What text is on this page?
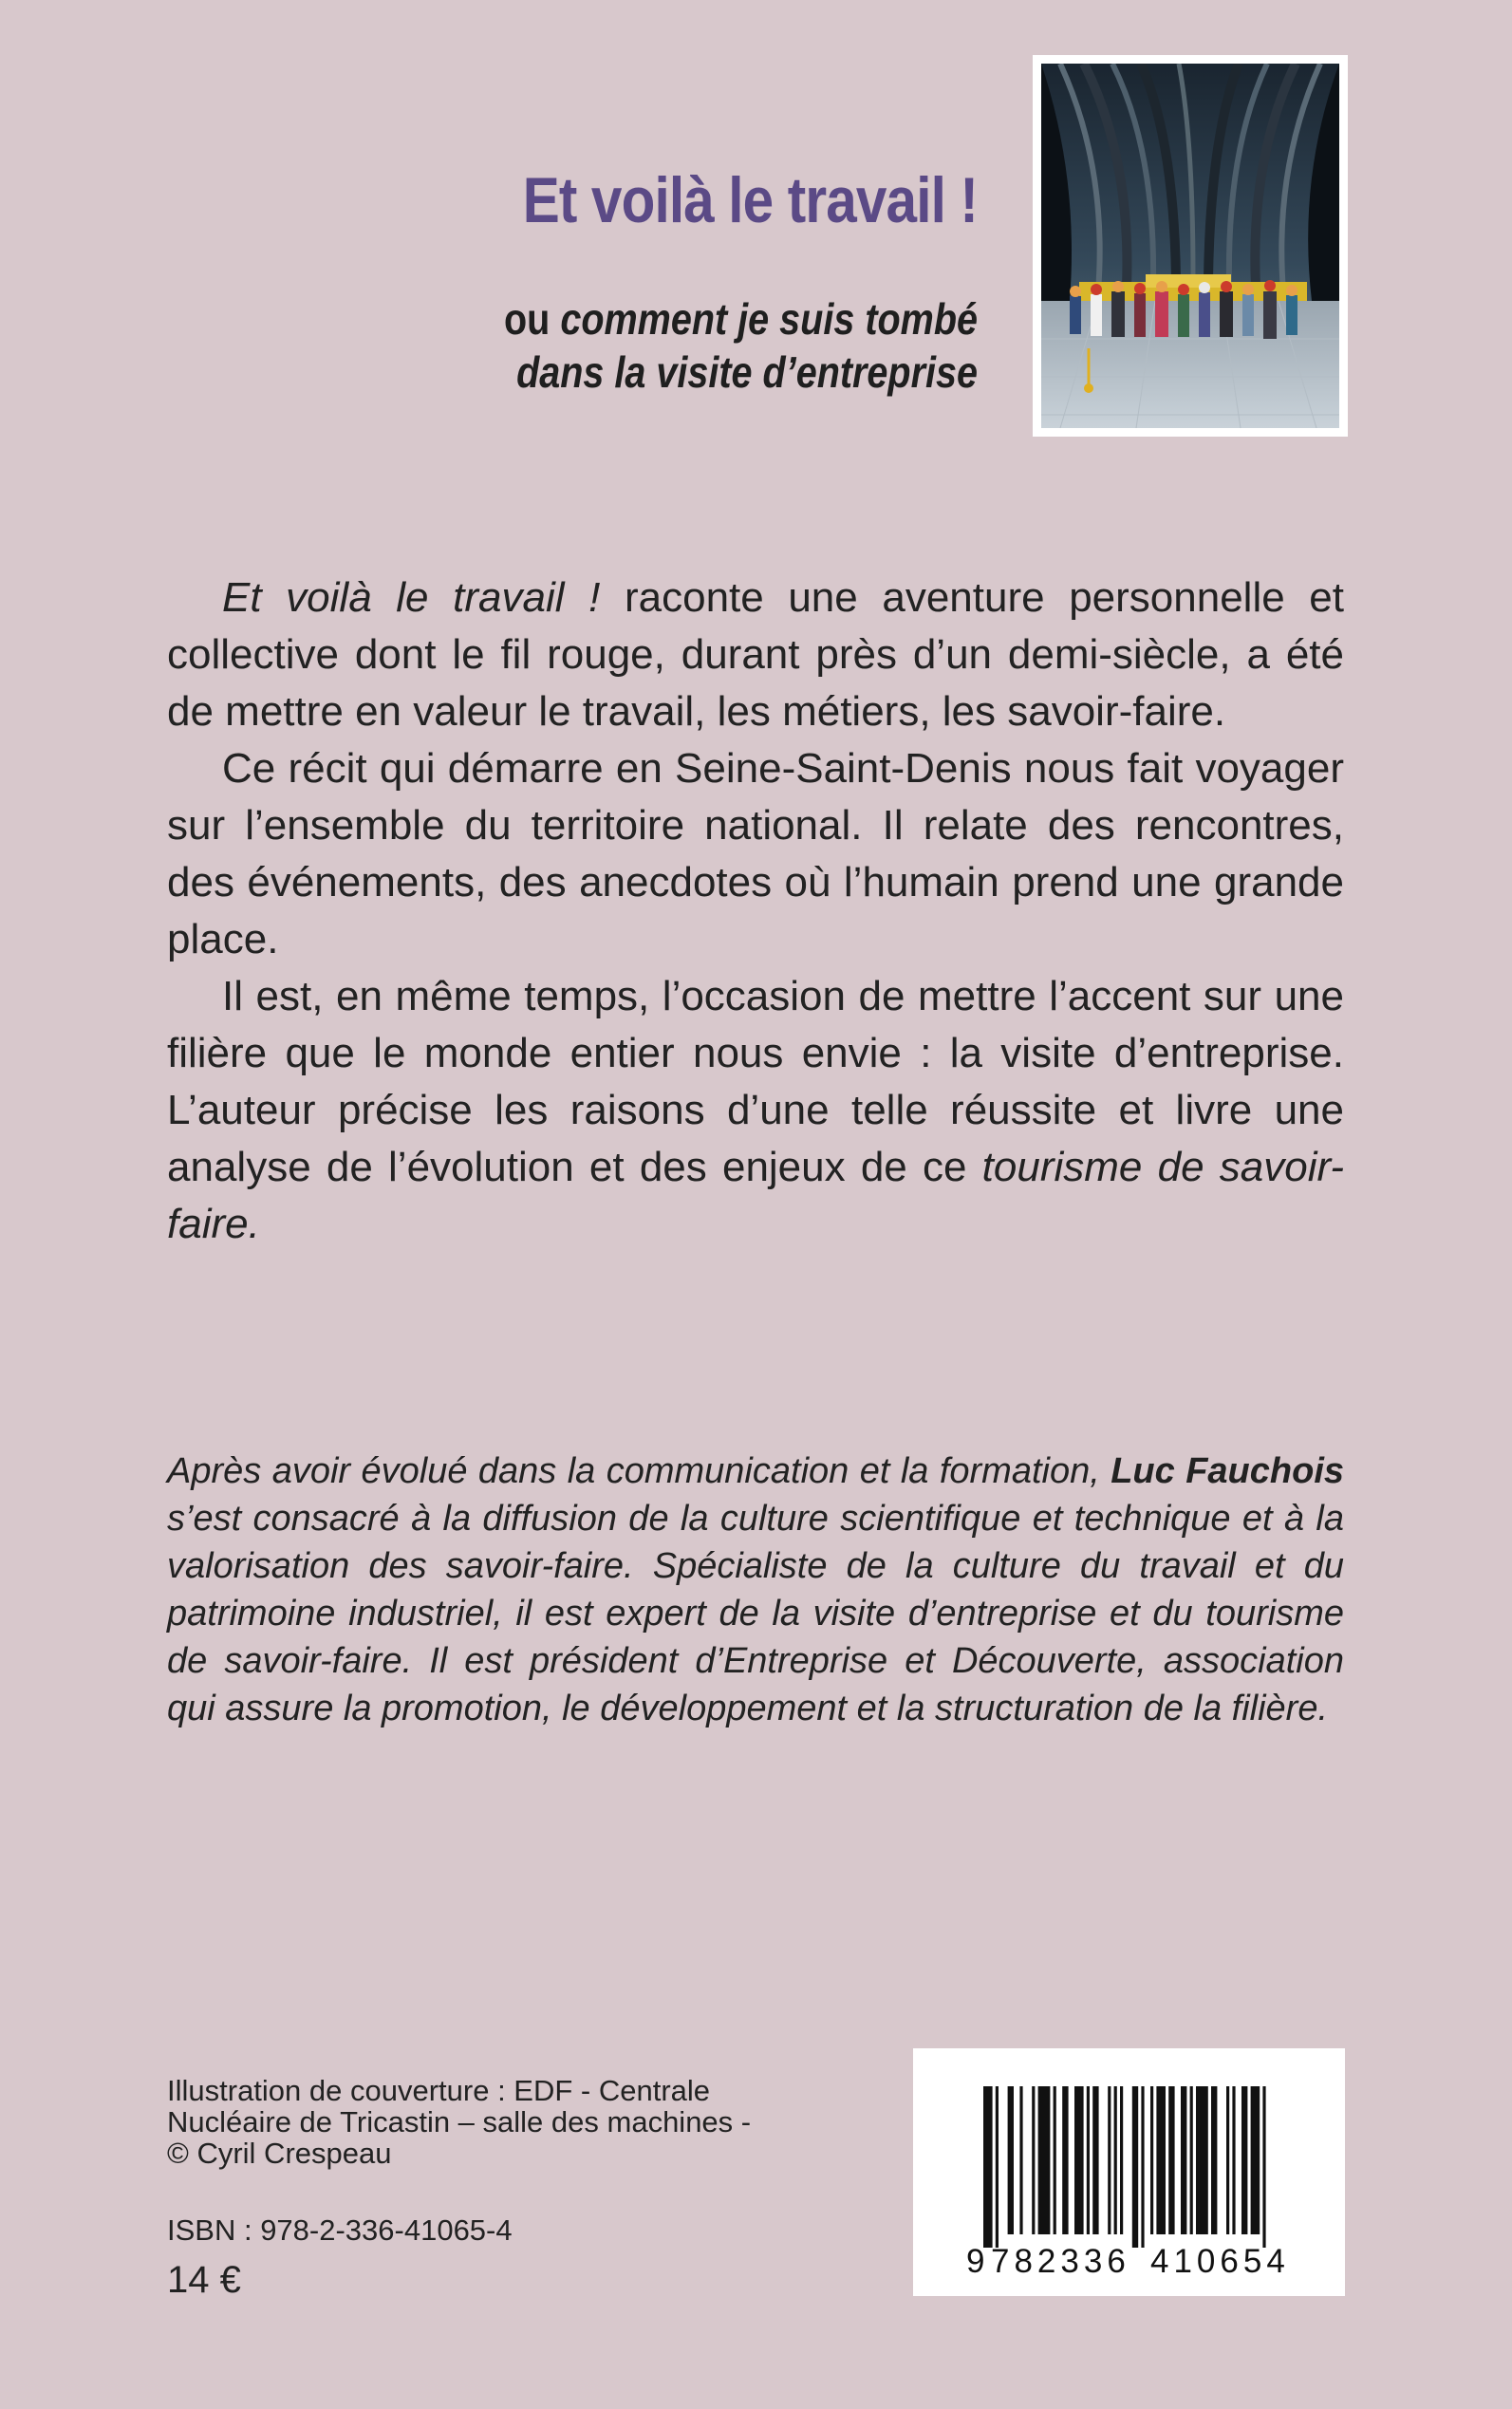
Et voilà le travail !
ou comment je suis tombé
dans la visite d’entreprise

Et voilà le travail ! raconte une aventure personnelle et collective dont le fil rouge, durant près d’un demi-siècle, a été de mettre en valeur le travail, les métiers, les savoir-faire.

Ce récit qui démarre en Seine-Saint-Denis nous fait voyager sur l’ensemble du territoire national. Il relate des rencontres, des événements, des anecdotes où l’humain prend une grande place.

Il est, en même temps, l’occasion de mettre l’accent sur une filière que le monde entier nous envie : la visite d’entreprise. L’auteur précise les raisons d’une telle réussite et livre une analyse de l’évolution et des enjeux de ce tourisme de savoir-faire.

Après avoir évolué dans la communication et la formation, Luc Fauchois s’est consacré à la diffusion de la culture scientifique et technique et à la valorisation des savoir-faire. Spécialiste de la culture du travail et du patrimoine industriel, il est expert de la visite d’entreprise et du tourisme de savoir-faire. Il est président d’Entreprise et Découverte, association qui assure la promotion, le développement et la structuration de la filière.
Illustration de couverture : EDF - Centrale
Nucléaire de Tricastin – salle des machines -
© Cyril Crespeau
ISBN : 978-2-336-41065-4
14 €	9 782336 410654
